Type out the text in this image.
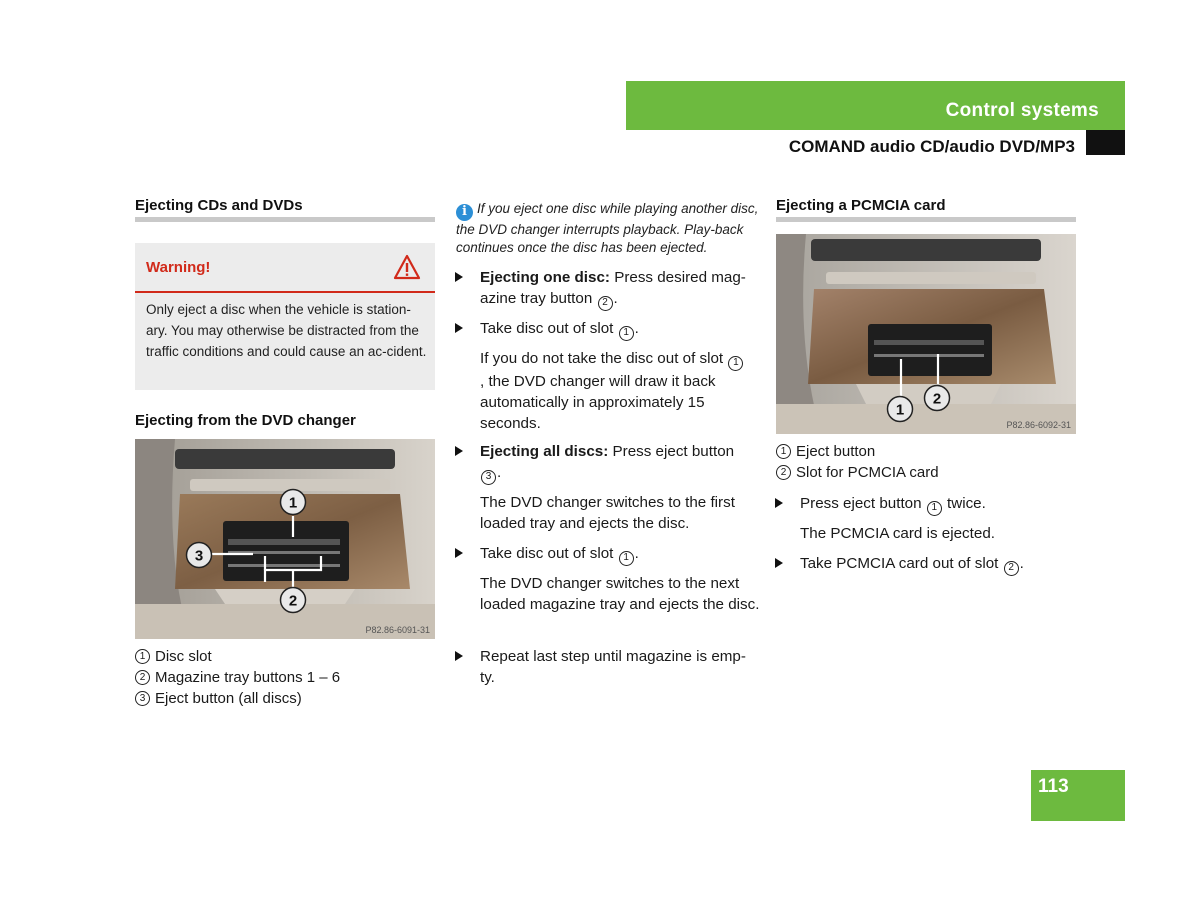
Control systems
COMAND audio CD/audio DVD/MP3
Ejecting CDs and DVDs
Warning!
Only eject a disc when the vehicle is station-ary. You may otherwise be distracted from the traffic conditions and could cause an ac-cident.
Ejecting from the DVD changer
1
2
3
P82.86-6091-31
1 Disc slot
2 Magazine tray buttons 1 – 6
3 Eject button (all discs)
i If you eject one disc while playing another disc, the DVD changer interrupts playback. Play-back continues once the disc has been ejected.
Ejecting one disc: Press desired mag-azine tray button 2 .
Take disc out of slot 1 .
If you do not take the disc out of slot 1, the DVD changer will draw it back automatically in approximately 15 seconds.
Ejecting all discs: Press eject button 3 .
The DVD changer switches to the first loaded tray and ejects the disc.
Take disc out of slot 1 .
The DVD changer switches to the next loaded magazine tray and ejects the disc.
Repeat last step until magazine is emp-ty.
Ejecting a PCMCIA card
1
2
P82.86-6092-31
1 Eject button
2 Slot for PCMCIA card
Press eject button 1 twice.
The PCMCIA card is ejected.
Take PCMCIA card out of slot 2 .
113
